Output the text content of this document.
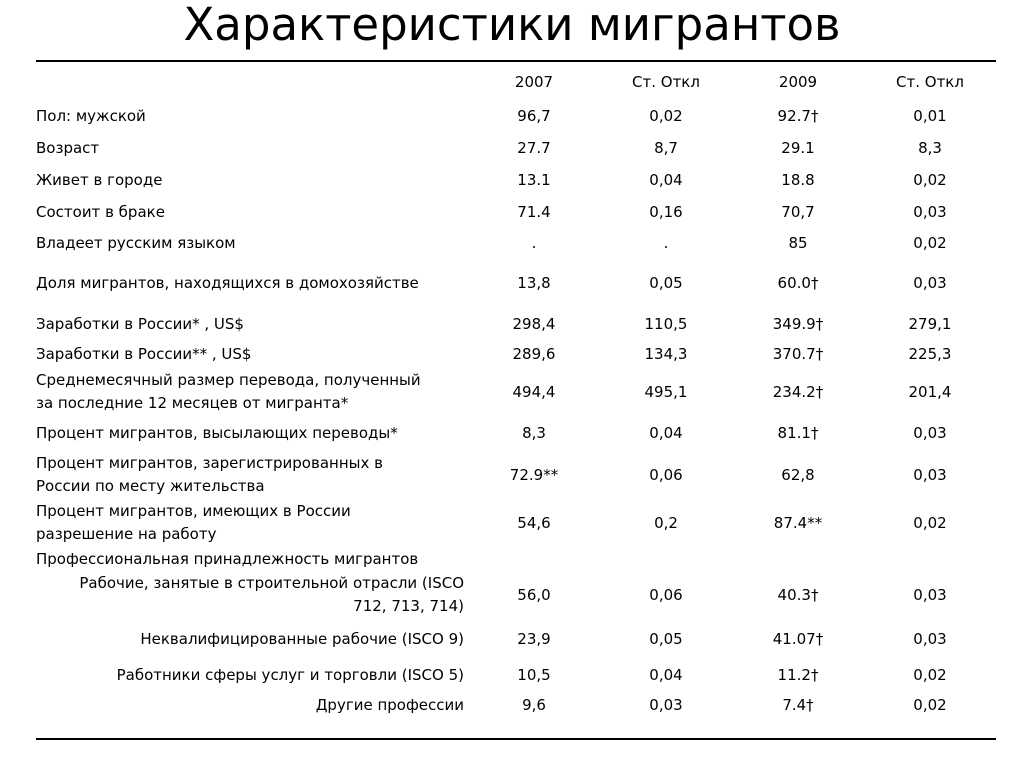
Характеристики мигрантов
	2007	Ст. Откл	2009	Ст. Откл
Пол: мужской	96,7	0,02	92.7†	0,01
Возраст	27.7	8,7	29.1	8,3
Живет в городе	13.1	0,04	18.8	0,02
Состоит в браке	71.4	0,16	70,7	0,03
Владеет русским языком	.	.	85	0,02
Доля мигрантов, находящихся в домохозяйстве	13,8	0,05	60.0†	0,03
Заработки в России* , US$	298,4	110,5	349.9†	279,1
Заработки в России** , US$	289,6	134,3	370.7†	225,3

Среднемесячный размер перевода, полученный
за последние 12 месяцев от мигранта*	494,4	495,1	234.2†	201,4
Процент мигрантов, высылающих переводы*	8,3	0,04	81.1†	0,03

Процент мигрантов, зарегистрированных в
России по месту жительства	72.9**	0,06	62,8	0,03

Процент мигрантов, имеющих в России
разрешение на работу	54,6	0,2	87.4**	0,02
Профессиональная принадлежность мигрантов				

Рабочие, занятые в строительной отрасли (ISCO
712, 713, 714)	56,0	0,06	40.3†	0,03
Неквалифицированные рабочие (ISCO 9)	23,9	0,05	41.07†	0,03
Работники сферы услуг и торговли (ISCO 5)	10,5	0,04	11.2†	0,02
Другие профессии	9,6	0,03	7.4†	0,02
